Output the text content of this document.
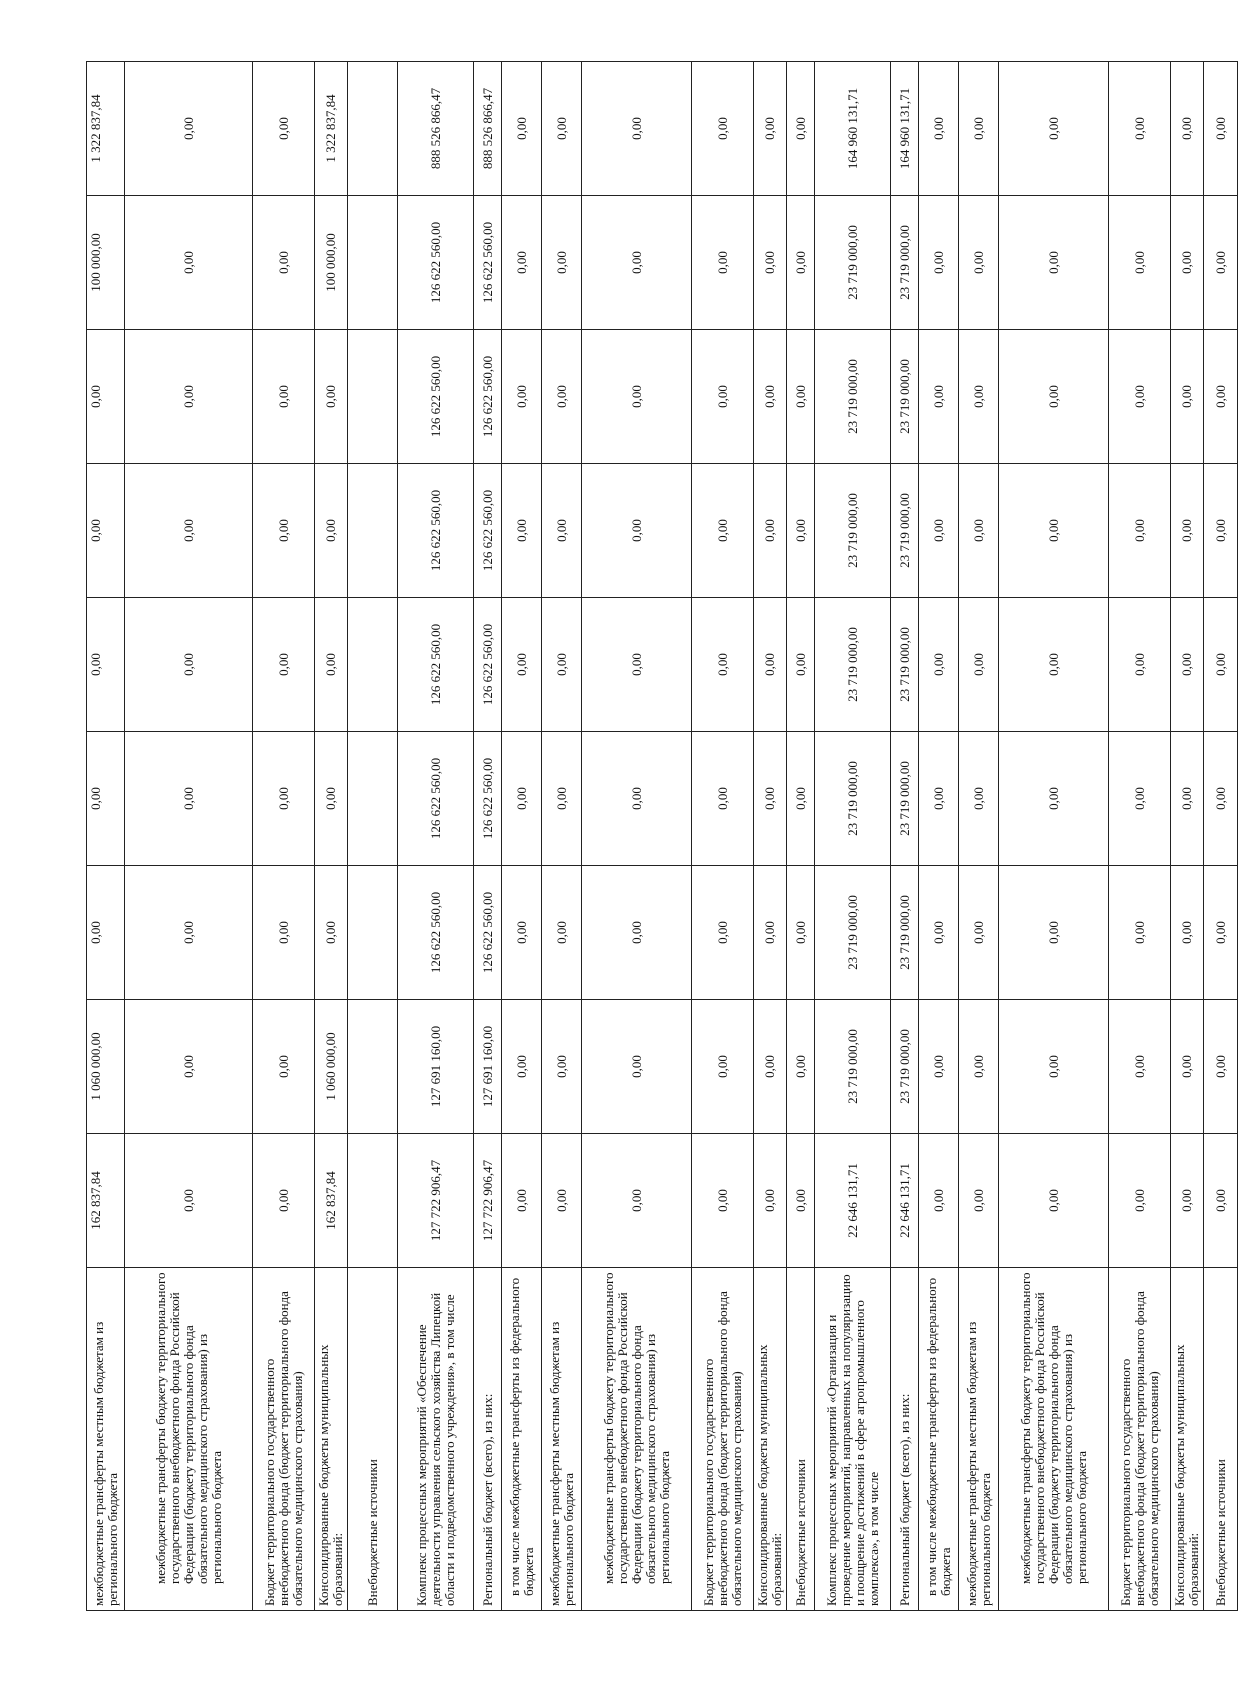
межбюджетные трансферты местным бюджетам из регионального бюджета	162 837,84	1 060 000,00	0,00	0,00	0,00	0,00	0,00	100 000,00	1 322 837,84
межбюджетные трансферты бюджету территориального государственного внебюджетного фонда Российской Федерации (бюджету территориального фонда обязательного медицинского страхования) из регионального бюджета	0,00	0,00	0,00	0,00	0,00	0,00	0,00	0,00	0,00
Бюджет территориального государственного внебюджетного фонда (бюджет территориального фонда обязательного медицинского страхования)	0,00	0,00	0,00	0,00	0,00	0,00	0,00	0,00	0,00
Консолидированные бюджеты муниципальных образований:	162 837,84	1 060 000,00	0,00	0,00	0,00	0,00	0,00	100 000,00	1 322 837,84
Внебюджетные источники									
Комплекс процессных мероприятий «Обеспечение деятельности управления сельского хозяйства Липецкой области и подведомственного учреждения», в том числе	127 722 906,47	127 691 160,00	126 622 560,00	126 622 560,00	126 622 560,00	126 622 560,00	126 622 560,00	126 622 560,00	888 526 866,47
Региональный бюджет (всего), из них:	127 722 906,47	127 691 160,00	126 622 560,00	126 622 560,00	126 622 560,00	126 622 560,00	126 622 560,00	126 622 560,00	888 526 866,47
в том числе межбюджетные трансферты из федерального бюджета	0,00	0,00	0,00	0,00	0,00	0,00	0,00	0,00	0,00
межбюджетные трансферты местным бюджетам из регионального бюджета	0,00	0,00	0,00	0,00	0,00	0,00	0,00	0,00	0,00
межбюджетные трансферты бюджету территориального государственного внебюджетного фонда Российской Федерации (бюджету территориального фонда обязательного медицинского страхования) из регионального бюджета	0,00	0,00	0,00	0,00	0,00	0,00	0,00	0,00	0,00
Бюджет территориального государственного внебюджетного фонда (бюджет территориального фонда обязательного медицинского страхования)	0,00	0,00	0,00	0,00	0,00	0,00	0,00	0,00	0,00
Консолидированные бюджеты муниципальных образований:	0,00	0,00	0,00	0,00	0,00	0,00	0,00	0,00	0,00
Внебюджетные источники	0,00	0,00	0,00	0,00	0,00	0,00	0,00	0,00	0,00
Комплекс процессных мероприятий «Организация и проведение мероприятий, направленных на популяризацию и поощрение достижений в сфере агропромышленного комплекса», в том числе	22 646 131,71	23 719 000,00	23 719 000,00	23 719 000,00	23 719 000,00	23 719 000,00	23 719 000,00	23 719 000,00	164 960 131,71
Региональный бюджет (всего), из них:	22 646 131,71	23 719 000,00	23 719 000,00	23 719 000,00	23 719 000,00	23 719 000,00	23 719 000,00	23 719 000,00	164 960 131,71
в том числе межбюджетные трансферты из федерального бюджета	0,00	0,00	0,00	0,00	0,00	0,00	0,00	0,00	0,00
межбюджетные трансферты местным бюджетам из регионального бюджета	0,00	0,00	0,00	0,00	0,00	0,00	0,00	0,00	0,00
межбюджетные трансферты бюджету территориального государственного внебюджетного фонда Российской Федерации (бюджету территориального фонда обязательного медицинского страхования) из регионального бюджета	0,00	0,00	0,00	0,00	0,00	0,00	0,00	0,00	0,00
Бюджет территориального государственного внебюджетного фонда (бюджет территориального фонда обязательного медицинского страхования)	0,00	0,00	0,00	0,00	0,00	0,00	0,00	0,00	0,00
Консолидированные бюджеты муниципальных образований:	0,00	0,00	0,00	0,00	0,00	0,00	0,00	0,00	0,00
Внебюджетные источники	0,00	0,00	0,00	0,00	0,00	0,00	0,00	0,00	0,00
